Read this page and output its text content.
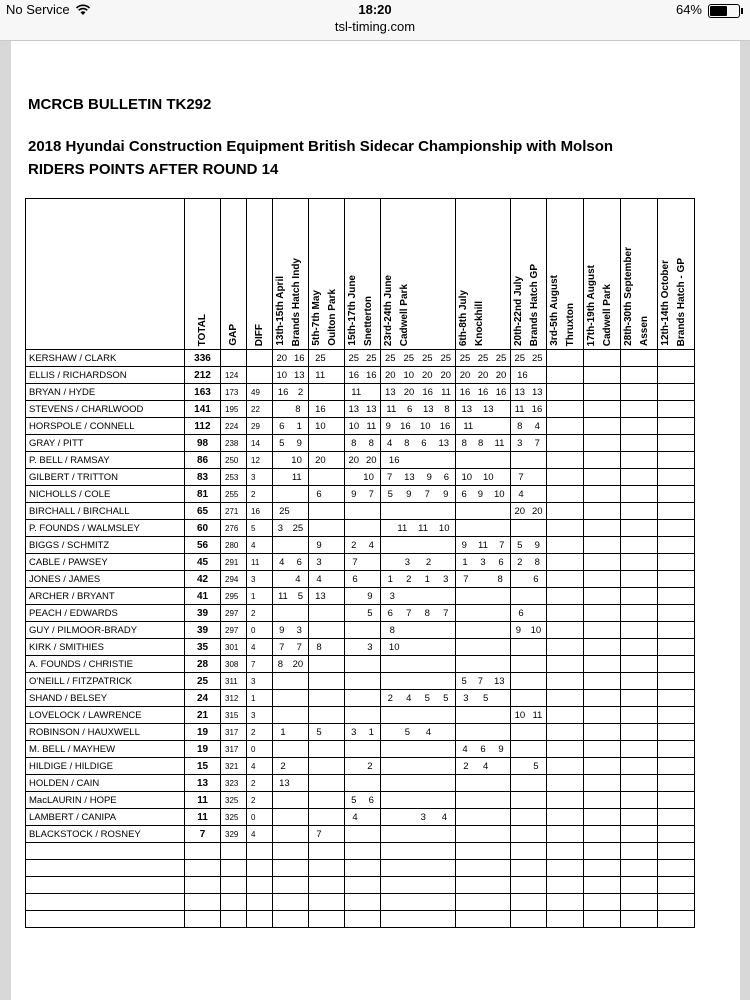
No Service	18:20
tsl-timing.com
64%
MCRCB BULLETIN TK292
2018 Hyundai Construction Equipment British Sidecar Championship with Molson
RIDERS POINTS AFTER ROUND 14
	TOTAL	GAP	DIFF	13th-15th April Brands Hatch Indy	5th-7th May Oulton Park	15th-17th June Snetterton	23rd-24th June Cadwell Park	6th-8th July Knockhill	20th-22nd July Brands Hatch GP	3rd-5th August Thruxton	17th-19th August Cadwell Park	28th-30th September Assen	12th-14th October Brands Hatch - GP
KERSHAW / CLARK	336			20 16	25	25 25	25 25 25 25	25 25 25	25 25				

ELLIS / RICHARDSON	212	124		10 13	11	16 16	20 10 20 20	20 20 20	16				

BRYAN / HYDE	163	173	49	16 2		11	13 20 16 11	16 16 16	13 13				

STEVENS / CHARLWOOD	141	195	22	8	16	13 13	11 6 13 8	13 13	11 16				

HORSPOLE / CONNELL	112	224	29	6 1	10	10 11	9 16 10 16	11	8 4				

GRAY / PITT	98	238	14	5 9		8 8	4 8 6 13	8 8 11	3 7				

P. BELL / RAMSAY	86	250	12	10	20	20 20	16						

GILBERT / TRITTON	83	253	3	11		10	7 13 9 6	10 10	7				

NICHOLLS / COLE	81	255	2		6	9 7	5 9 7 9	6 9 10	4				

BIRCHALL / BIRCHALL	65	271	16	25					20 20				

P. FOUNDS / WALMSLEY	60	276	5	3 25			11 11 10						

BIGGS / SCHMITZ	56	280	4		9	2 4		9 11 7	5 9				

CABLE / PAWSEY	45	291	11	4 6	3	7	3 2	1 3 6	2 8				

JONES / JAMES	42	294	3	4	4	6	1 2 1 3	7 8	6				

ARCHER / BRYANT	41	295	1	11 5	13	9	3						

PEACH / EDWARDS	39	297	2			5	6 7 8 7		6				

GUY / PILMOOR-BRADY	39	297	0	9 3			8		9 10				

KIRK / SMITHIES	35	301	4	7 7	8	3	10						

A. FOUNDS / CHRISTIE	28	308	7	8 20									

O'NEILL / FITZPATRICK	25	311	3					5 7 13					

SHAND / BELSEY	24	312	1				2 4 5 5	3 5					

LOVELOCK / LAWRENCE	21	315	3						10 11				

ROBINSON / HAUXWELL	19	317	2	1	5	3 1	5 4						

M. BELL / MAYHEW	19	317	0					4 6 9					

HILDIGE / HILDIGE	15	321	4	2		2		2 4	5				

HOLDEN / CAIN	13	323	2	13									

MacLAURIN / HOPE	11	325	2			5 6							

LAMBERT / CANIPA	11	325	0			4	3 4						

BLACKSTOCK / ROSNEY	7	329	4		7								
